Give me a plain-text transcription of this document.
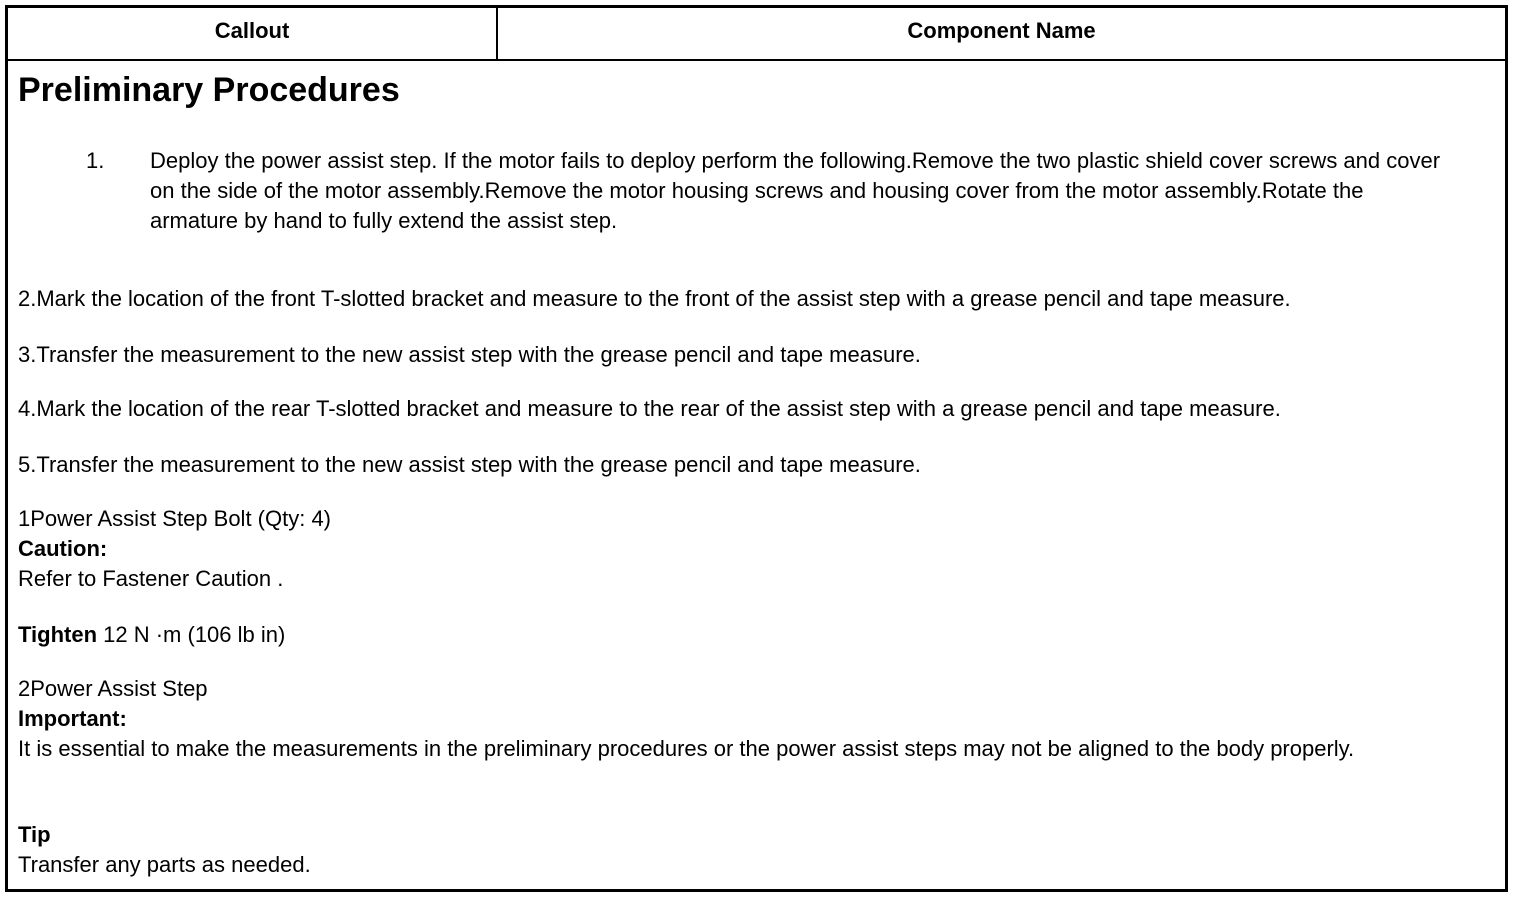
Callout	Component Name
Preliminary Procedures
1. Deploy the power assist step. If the motor fails to deploy perform the following.Remove the two plastic shield cover screws and cover on the side of the motor assembly.Remove the motor housing screws and housing cover from the motor assembly.Rotate the armature by hand to fully extend the assist step.
2.Mark the location of the front T-slotted bracket and measure to the front of the assist step with a grease pencil and tape measure.
3.Transfer the measurement to the new assist step with the grease pencil and tape measure.
4.Mark the location of the rear T-slotted bracket and measure to the rear of the assist step with a grease pencil and tape measure.
5.Transfer the measurement to the new assist step with the grease pencil and tape measure.
1Power Assist Step Bolt (Qty: 4)
Caution:
Refer to Fastener Caution .
Tighten 12 N ·m (106 lb in)
2Power Assist Step
Important:
It is essential to make the measurements in the preliminary procedures or the power assist steps may not be aligned to the body properly.
Tip
Transfer any parts as needed.
